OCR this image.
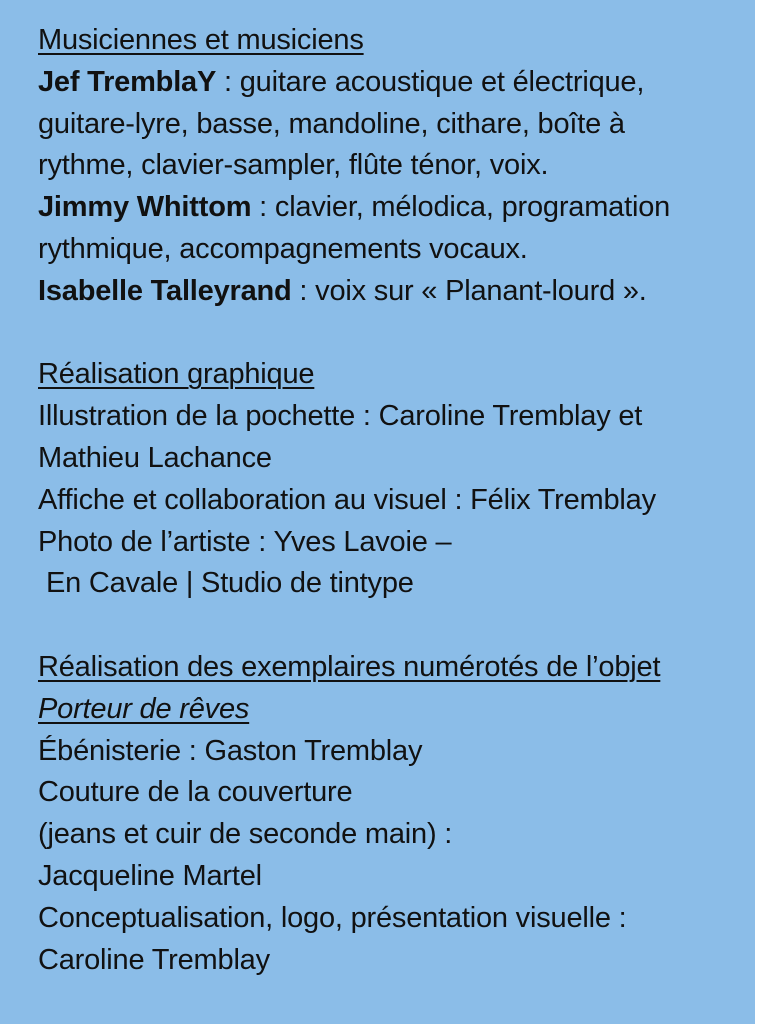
Musiciennes et musiciens
Jef TremblaY : guitare acoustique et électrique,
guitare-lyre, basse, mandoline, cithare, boîte à
rythme, clavier-sampler, flûte ténor, voix.
Jimmy Whittom : clavier, mélodica, programation
rythmique, accompagnements vocaux.
Isabelle Talleyrand : voix sur « Planant-lourd ».
Réalisation graphique
Illustration de la pochette : Caroline Tremblay et
Mathieu Lachance
Affiche et collaboration au visuel : Félix Tremblay
Photo de l’artiste : Yves Lavoie –
En Cavale | Studio de tintype
Réalisation des exemplaires numérotés de l’objet
Porteur de rêves
Ébénisterie : Gaston Tremblay
Couture de la couverture
(jeans et cuir de seconde main) :
Jacqueline Martel
Conceptualisation, logo, présentation visuelle :
Caroline Tremblay
